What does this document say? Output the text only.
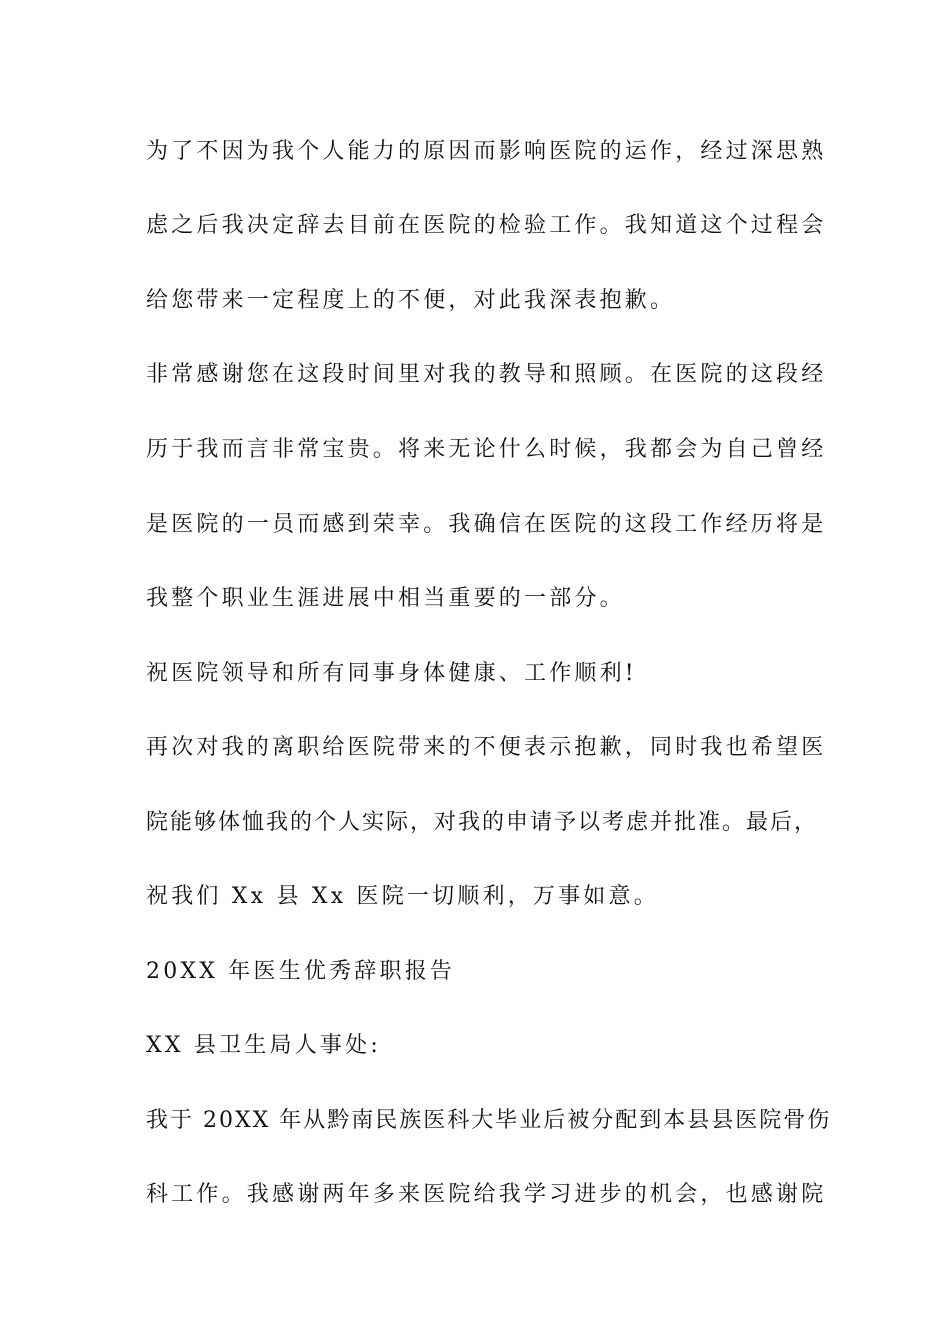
为了不因为我个人能力的原因而影响医院的运作，经过深思熟
虑之后我决定辞去目前在医院的检验工作。我知道这个过程会
给您带来一定程度上的不便，对此我深表抱歉。
非常感谢您在这段时间里对我的教导和照顾。在医院的这段经
历于我而言非常宝贵。将来无论什么时候，我都会为自己曾经
是医院的一员而感到荣幸。我确信在医院的这段工作经历将是
我整个职业生涯进展中相当重要的一部分。
祝医院领导和所有同事身体健康、工作顺利!
再次对我的离职给医院带来的不便表示抱歉，同时我也希望医
院能够体恤我的个人实际，对我的申请予以考虑并批准。最后，
祝我们 Xx 县 Xx 医院一切顺利，万事如意。
20XX 年医生优秀辞职报告
XX 县卫生局人事处:
我于 20XX 年从黔南民族医科大毕业后被分配到本县县医院骨伤
科工作。我感谢两年多来医院给我学习进步的机会，也感谢院
